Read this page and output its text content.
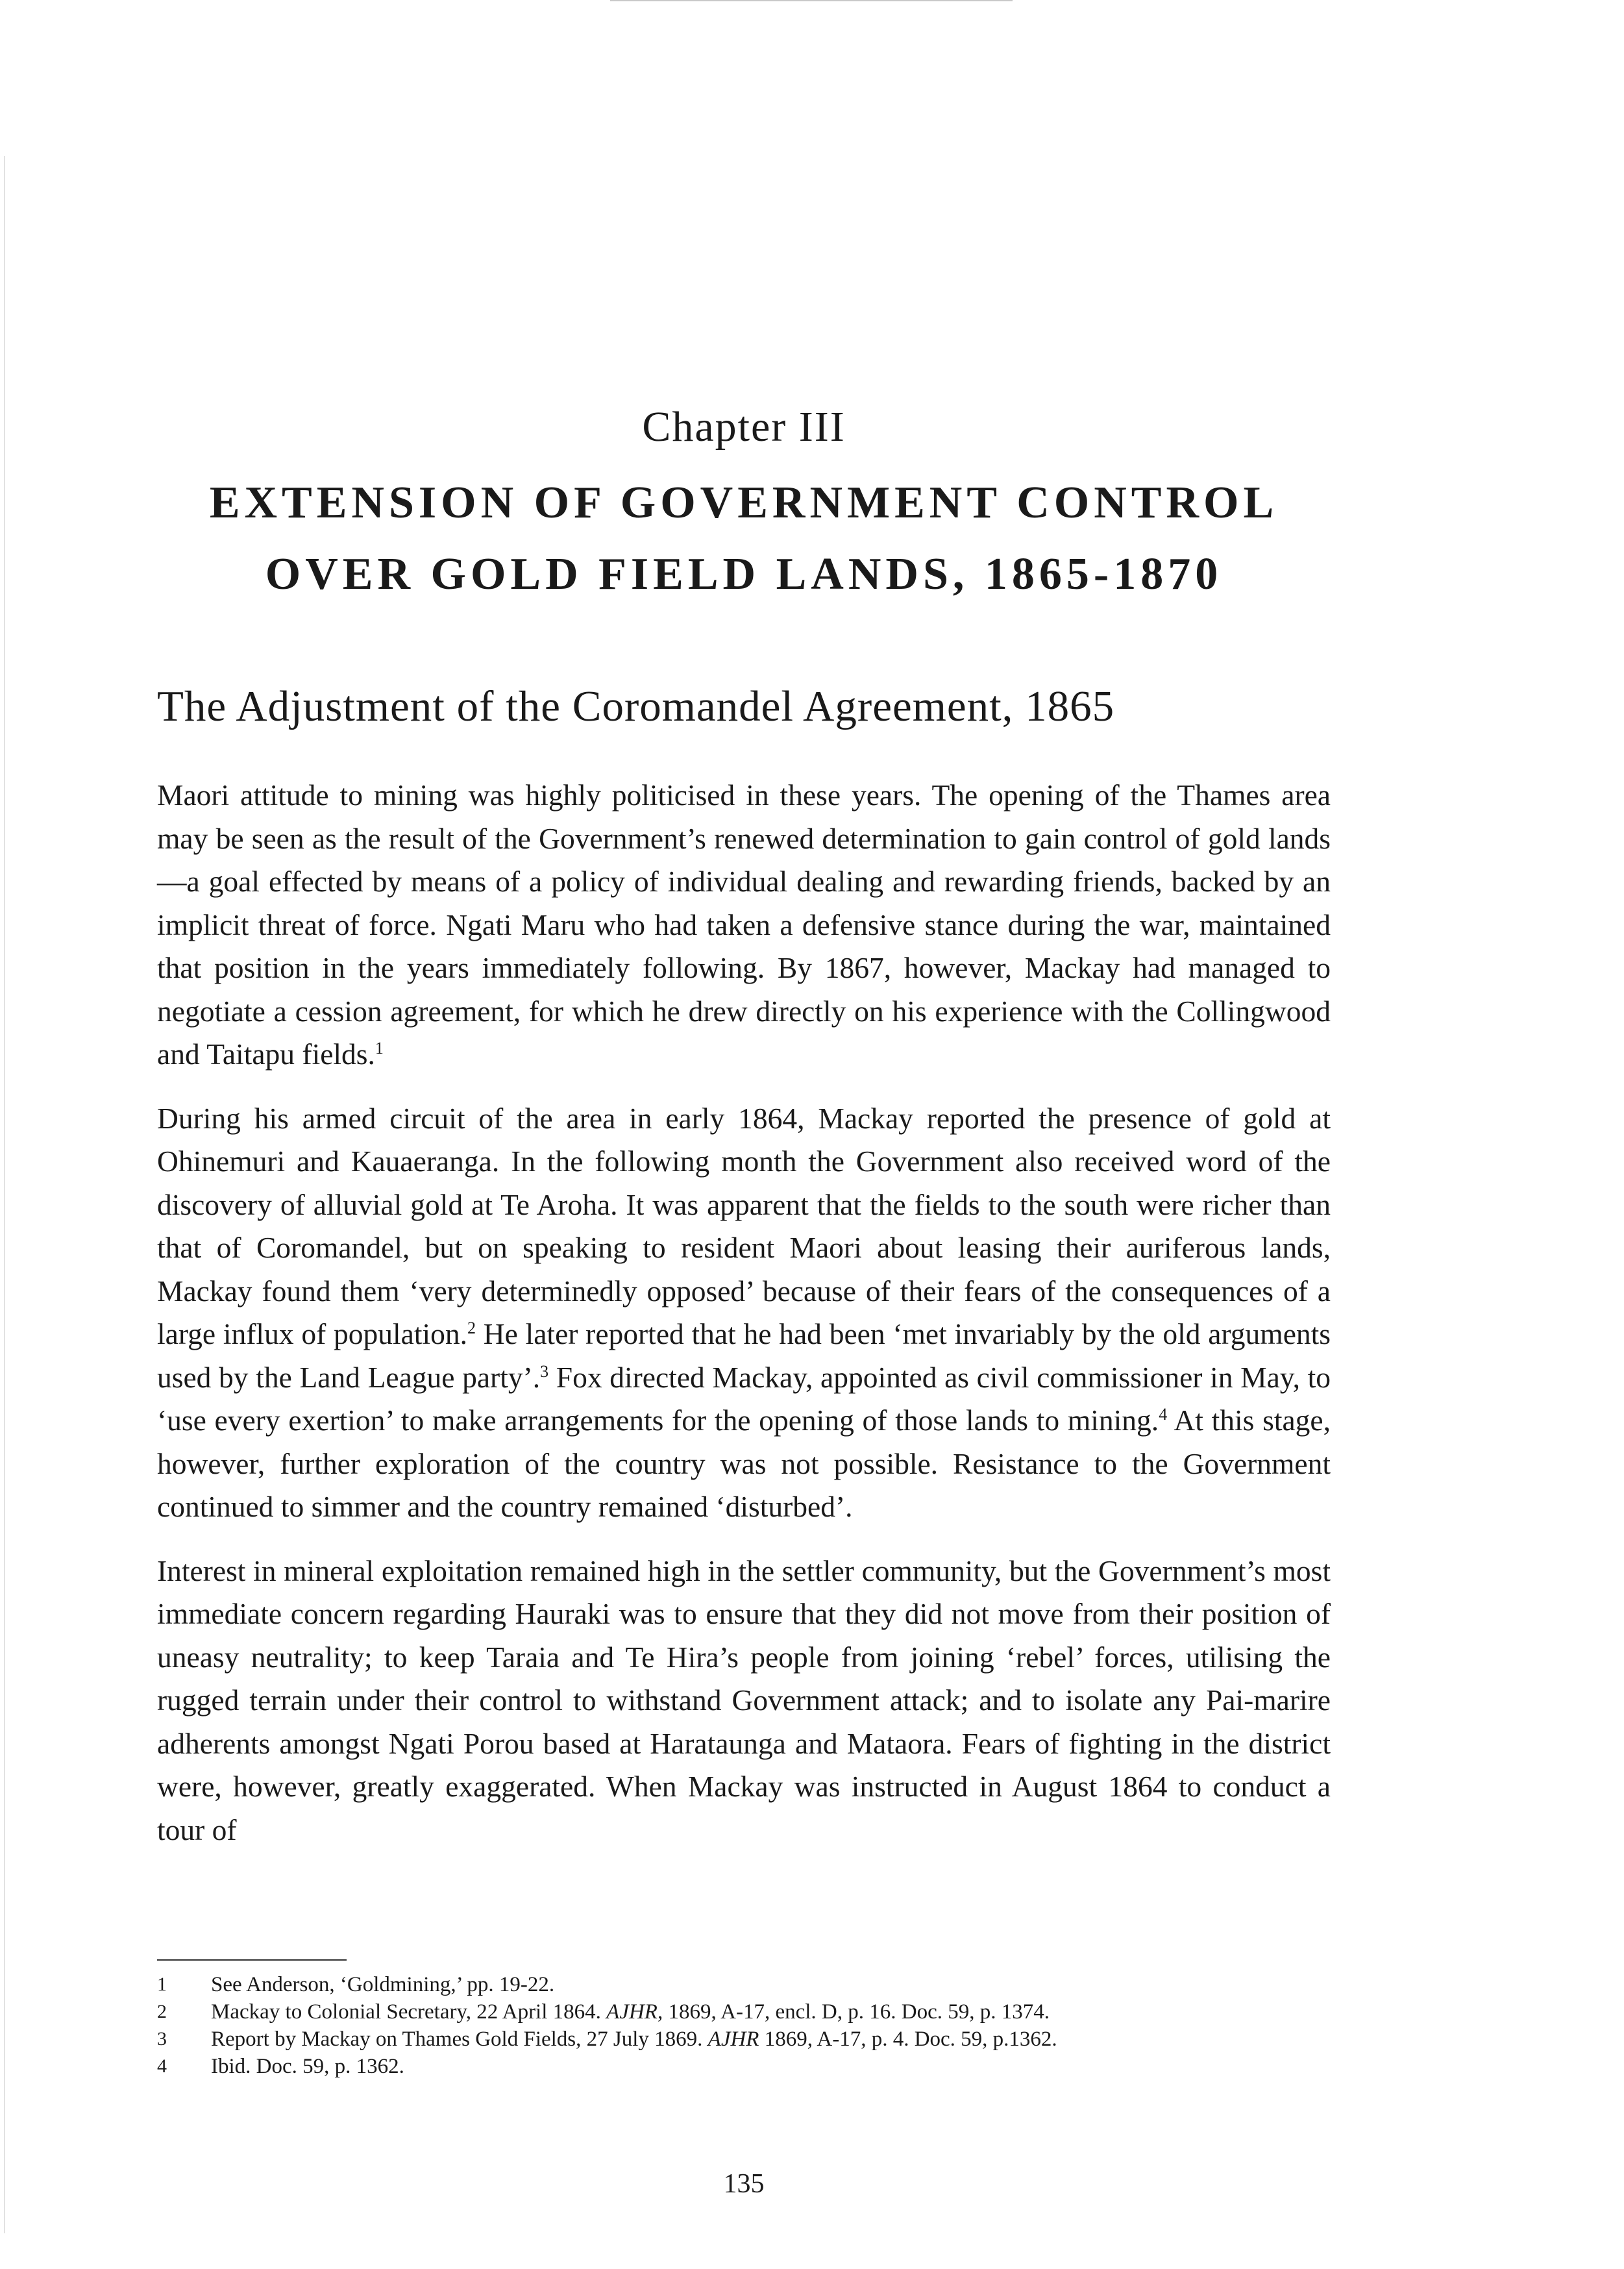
Chapter III
EXTENSION OF GOVERNMENT CONTROL
OVER GOLD FIELD LANDS, 1865-1870
The Adjustment of the Coromandel Agreement, 1865

Maori attitude to mining was highly politicised in these years. The opening of the Thames area may be seen as the result of the Government’s renewed determination to gain control of gold lands—a goal effected by means of a policy of individual dealing and rewarding friends, backed by an implicit threat of force. Ngati Maru who had taken a defensive stance during the war, maintained that position in the years immediately following. By 1867, however, Mackay had managed to negotiate a cession agreement, for which he drew directly on his experience with the Collingwood and Taitapu fields.$^1$

During his armed circuit of the area in early 1864, Mackay reported the presence of gold at Ohinemuri and Kauaeranga. In the following month the Government also received word of the discovery of alluvial gold at Te Aroha. It was apparent that the fields to the south were richer than that of Coromandel, but on speaking to resident Maori about leasing their auriferous lands, Mackay found them ‘very determinedly opposed’ because of their fears of the consequences of a large influx of population.$^2$ He later reported that he had been ‘met invariably by the old arguments used by the Land League party’.$^3$ Fox directed Mackay, appointed as civil commissioner in May, to ‘use every exertion’ to make arrangements for the opening of those lands to mining.$^4$ At this stage, however, further exploration of the country was not possible. Resistance to the Government continued to simmer and the country remained ‘disturbed’.

Interest in mineral exploitation remained high in the settler community, but the Government’s most immediate concern regarding Hauraki was to ensure that they did not move from their position of uneasy neutrality; to keep Taraia and Te Hira’s people from joining ‘rebel’ forces, utilising the rugged terrain under their control to withstand Government attack; and to isolate any Pai-marire adherents amongst Ngati Porou based at Harataunga and Mataora. Fears of fighting in the district were, however, greatly exaggerated. When Mackay was instructed in August 1864 to conduct a tour of

1	See Anderson, ‘Goldmining,’ pp. 19-22.
2	Mackay to Colonial Secretary, 22 April 1864. AJHR, 1869, A-17, encl. D, p. 16. Doc. 59, p. 1374.
3	Report by Mackay on Thames Gold Fields, 27 July 1869. AJHR 1869, A-17, p. 4. Doc. 59, p.1362.
4	Ibid. Doc. 59, p. 1362.
135
